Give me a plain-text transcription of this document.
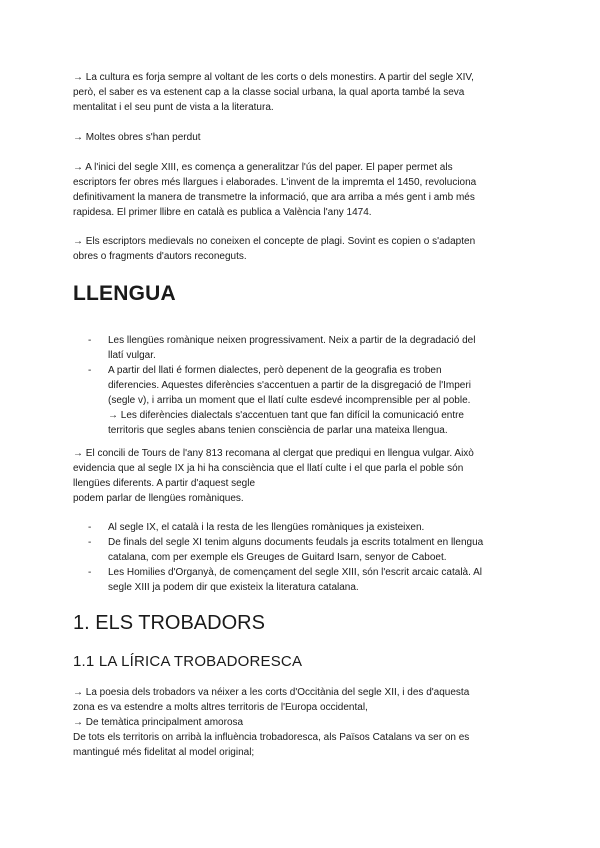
→ La cultura es forja sempre al voltant de les corts o dels monestirs. A partir del segle XIV,
però, el saber es va estenent cap a la classe social urbana, la qual aporta també la seva
mentalitat i el seu punt de vista a la literatura.
→ Moltes obres s'han perdut
→ A l'inici del segle XIII, es comença a generalitzar l'ús del paper. El paper permet als
escriptors fer obres més llargues i elaborades. L'invent de la impremta el 1450, revoluciona
definitivament la manera de transmetre la informació, que ara arriba a més gent i amb més
rapidesa. El primer llibre en català es publica a València l'any 1474.
→ Els escriptors medievals no coneixen el concepte de plagi. Sovint es copien o s'adapten
obres o fragments d'autors reconeguts.
LLENGUA
- Les llengües romànique neixen progressivament. Neix a partir de la degradació del
llatí vulgar.
- A partir del llati é formen dialectes, però depenent de la geografia es troben
diferencies. Aquestes diferències s'accentuen a partir de la disgregació de l'Imperi
(segle v), i arriba un moment que el llatí culte esdevé incomprensible per al poble.
→ Les diferències dialectals s'accentuen tant que fan difícil la comunicació entre
territoris que segles abans tenien consciència de parlar una mateixa llengua.
→ El concili de Tours de l'any 813 recomana al clergat que prediqui en llengua vulgar. Això
evidencia que al segle IX ja hi ha consciència que el llatí culte i el que parla el poble són
llengües diferents. A partir d'aquest segle
podem parlar de llengües romàniques.
- Al segle IX, el català i la resta de les llengües romàniques ja existeixen.
- De finals del segle XI tenim alguns documents feudals ja escrits totalment en llengua
catalana, com per exemple els Greuges de Guitard Isarn, senyor de Caboet.
- Les Homilies d'Organyà, de començament del segle XIII, són l'escrit arcaic català. Al
segle XIII ja podem dir que existeix la literatura catalana.
1. ELS TROBADORS
1.1 LA LÍRICA TROBADORESCA
→ La poesia dels trobadors va néixer a les corts d'Occitània del segle XII, i des d'aquesta
zona es va estendre a molts altres territoris de l'Europa occidental,
→ De temàtica principalment amorosa
De tots els territoris on arribà la influència trobadoresca, als Països Catalans va ser on es
mantingué més fidelitat al model original;
